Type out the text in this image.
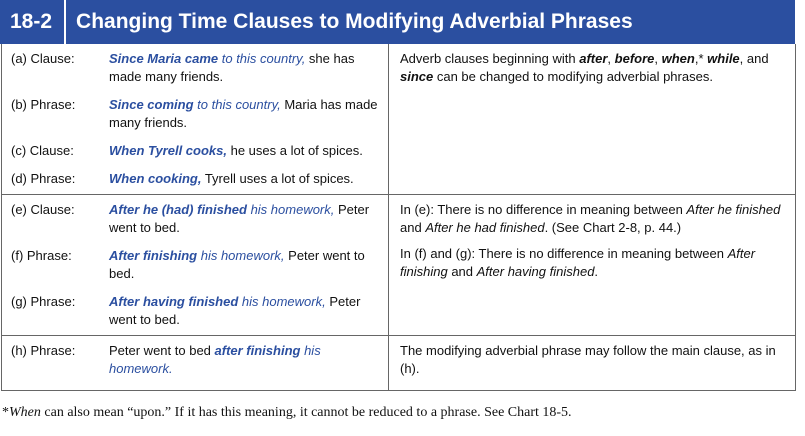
18-2	Changing Time Clauses to Modifying Adverbial Phrases
(a) Clause:	Since Maria came to this country, she has made many friends.
(b) Phrase:	Since coming to this country, Maria has made many friends.
(c) Clause:	When Tyrell cooks, he uses a lot of spices.
(d) Phrase:	When cooking, Tyrell uses a lot of spices.
Adverb clauses beginning with after, before, when,* while, and since can be changed to modifying adverbial phrases.
(e) Clause:	After he (had) finished his homework, Peter went to bed.
(f) Phrase:	After finishing his homework, Peter went to bed.
(g) Phrase:	After having finished his homework, Peter went to bed.
In (e): There is no difference in meaning between After he finished and After he had finished. (See Chart 2-8, p. 44.)
In (f) and (g): There is no difference in meaning between After finishing and After having finished.
(h) Phrase:	Peter went to bed after finishing his homework.
The modifying adverbial phrase may follow the main clause, as in (h).
*When can also mean “upon.” If it has this meaning, it cannot be reduced to a phrase. See Chart 18-5.
